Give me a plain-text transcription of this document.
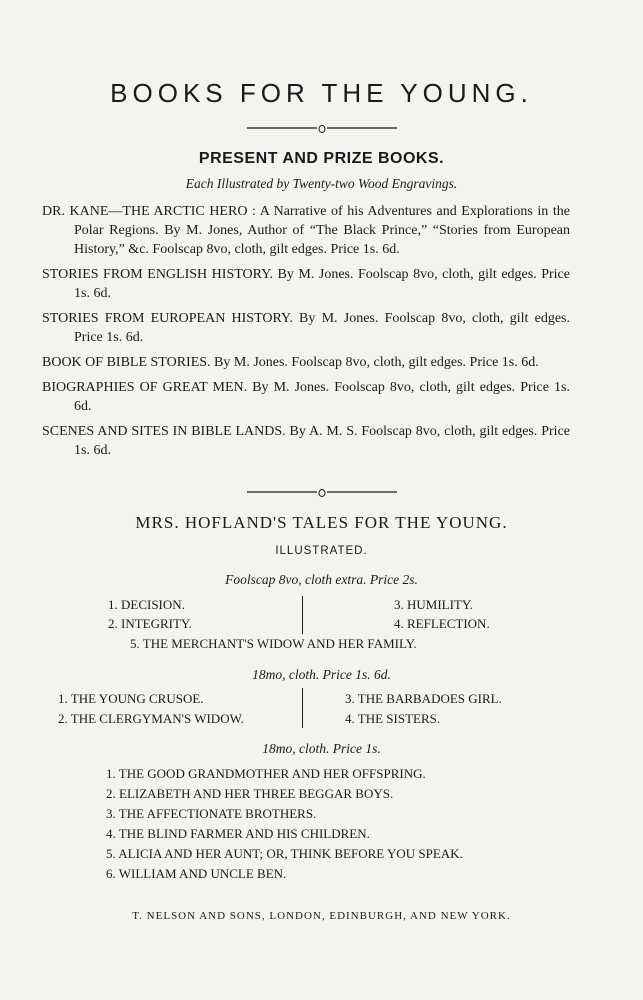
BOOKS FOR THE YOUNG.
PRESENT AND PRIZE BOOKS.
Each Illustrated by Twenty-two Wood Engravings.
DR. KANE—THE ARCTIC HERO : A Narrative of his Adventures and Explorations in the Polar Regions. By M. Jones, Author of “The Black Prince,” “Stories from European History,” &c. Foolscap 8vo, cloth, gilt edges. Price 1s. 6d.
STORIES FROM ENGLISH HISTORY. By M. Jones. Foolscap 8vo, cloth, gilt edges. Price 1s. 6d.
STORIES FROM EUROPEAN HISTORY. By M. Jones. Foolscap 8vo, cloth, gilt edges. Price 1s. 6d.
BOOK OF BIBLE STORIES. By M. Jones. Foolscap 8vo, cloth, gilt edges. Price 1s. 6d.
BIOGRAPHIES OF GREAT MEN. By M. Jones. Foolscap 8vo, cloth, gilt edges. Price 1s. 6d.
SCENES AND SITES IN BIBLE LANDS. By A. M. S. Foolscap 8vo, cloth, gilt edges. Price 1s. 6d.
MRS. HOFLAND'S TALES FOR THE YOUNG.
ILLUSTRATED.
Foolscap 8vo, cloth extra. Price 2s.
1. DECISION.
2. INTEGRITY.
3. HUMILITY.
4. REFLECTION.
5. THE MERCHANT'S WIDOW AND HER FAMILY.
18mo, cloth. Price 1s. 6d.
1. THE YOUNG CRUSOE.
2. THE CLERGYMAN'S WIDOW.
3. THE BARBADOES GIRL.
4. THE SISTERS.
18mo, cloth. Price 1s.
1. THE GOOD GRANDMOTHER AND HER OFFSPRING.
2. ELIZABETH AND HER THREE BEGGAR BOYS.
3. THE AFFECTIONATE BROTHERS.
4. THE BLIND FARMER AND HIS CHILDREN.
5. ALICIA AND HER AUNT; OR, THINK BEFORE YOU SPEAK.
6. WILLIAM AND UNCLE BEN.
T. NELSON AND SONS, LONDON, EDINBURGH, AND NEW YORK.
